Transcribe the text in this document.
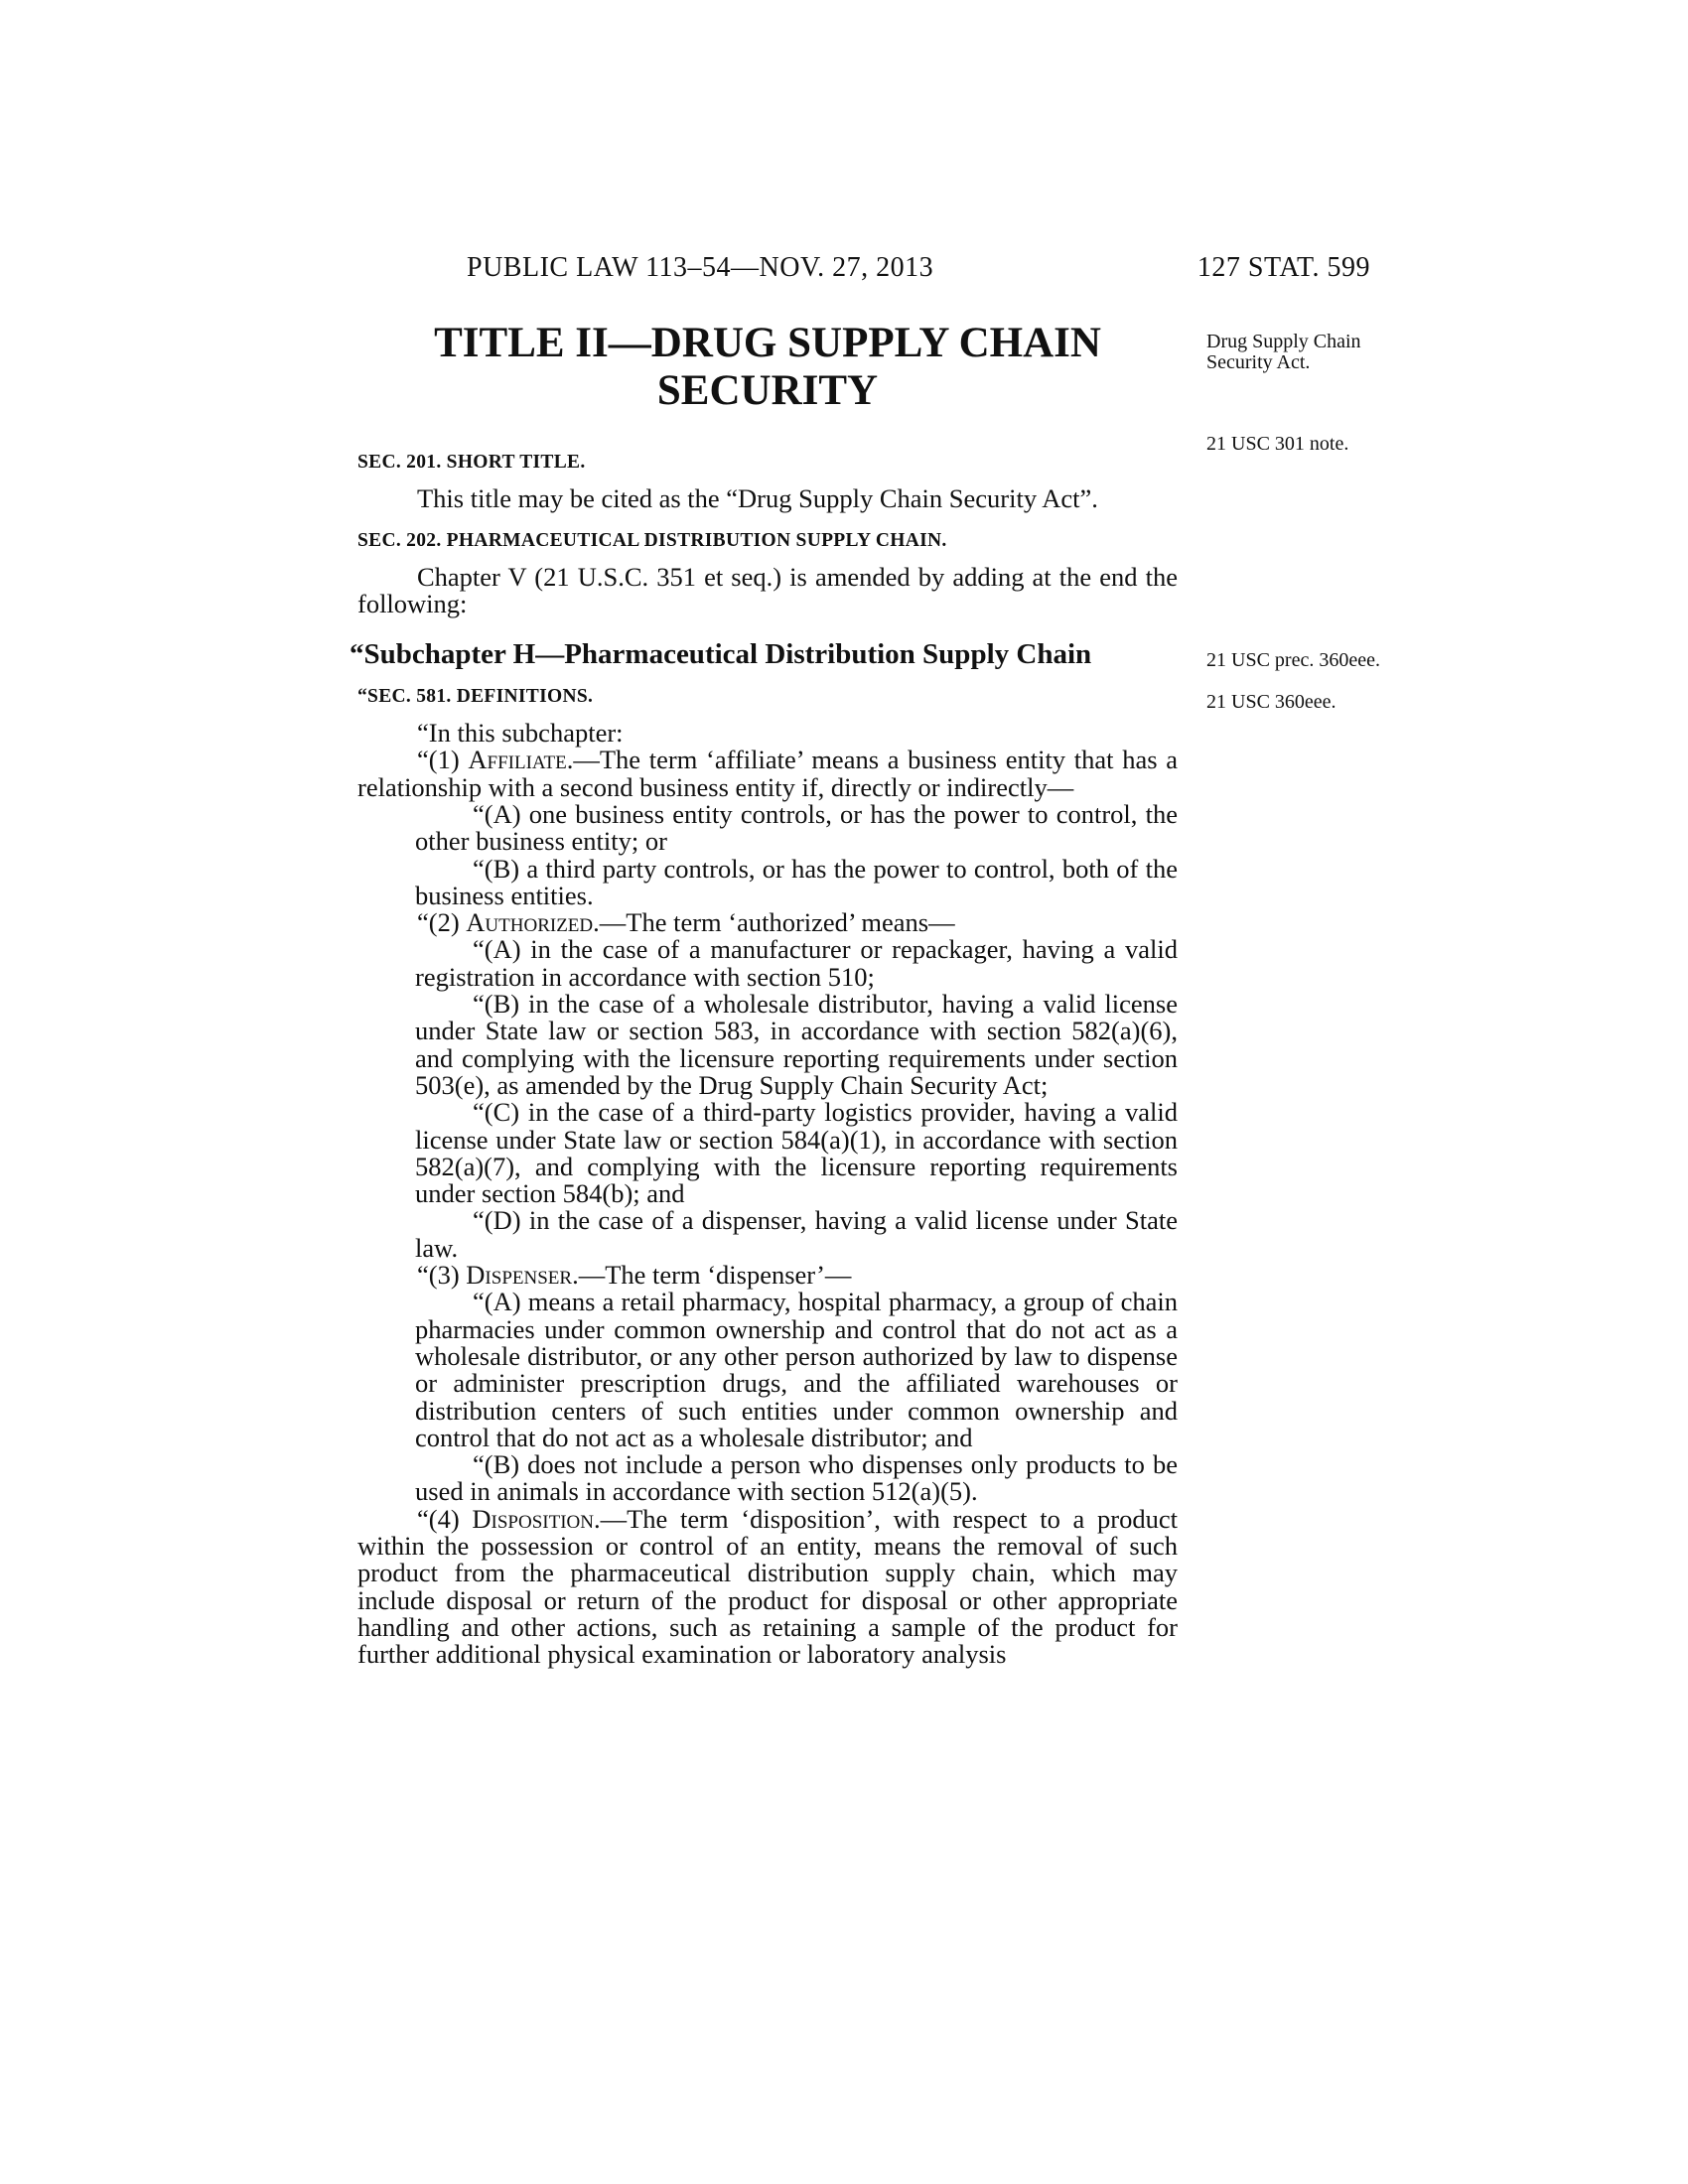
PUBLIC LAW 113–54—NOV. 27, 2013	127 STAT. 599
Drug Supply Chain Security Act.
21 USC 301 note.
21 USC prec. 360eee.
21 USC 360eee.
TITLE II—DRUG SUPPLY CHAIN
SECURITY

SEC. 201. SHORT TITLE.

This title may be cited as the “Drug Supply Chain Security Act”.

SEC. 202. PHARMACEUTICAL DISTRIBUTION SUPPLY CHAIN.

Chapter V (21 U.S.C. 351 et seq.) is amended by adding at the end the following:

“Subchapter H—Pharmaceutical Distribution Supply Chain

“SEC. 581. DEFINITIONS.

“In this subchapter:

“(1) Affiliate.—The term ‘affiliate’ means a business entity that has a relationship with a second business entity if, directly or indirectly—

“(A) one business entity controls, or has the power to control, the other business entity; or

“(B) a third party controls, or has the power to control, both of the business entities.

“(2) Authorized.—The term ‘authorized’ means—

“(A) in the case of a manufacturer or repackager, having a valid registration in accordance with section 510;

“(B) in the case of a wholesale distributor, having a valid license under State law or section 583, in accordance with section 582(a)(6), and complying with the licensure reporting requirements under section 503(e), as amended by the Drug Supply Chain Security Act;

“(C) in the case of a third-party logistics provider, having a valid license under State law or section 584(a)(1), in accordance with section 582(a)(7), and complying with the licensure reporting requirements under section 584(b); and

“(D) in the case of a dispenser, having a valid license under State law.

“(3) Dispenser.—The term ‘dispenser’—

“(A) means a retail pharmacy, hospital pharmacy, a group of chain pharmacies under common ownership and control that do not act as a wholesale distributor, or any other person authorized by law to dispense or administer prescription drugs, and the affiliated warehouses or distribution centers of such entities under common ownership and control that do not act as a wholesale distributor; and

“(B) does not include a person who dispenses only products to be used in animals in accordance with section 512(a)(5).

“(4) Disposition.—The term ‘disposition’, with respect to a product within the possession or control of an entity, means the removal of such product from the pharmaceutical distribution supply chain, which may include disposal or return of the product for disposal or other appropriate handling and other actions, such as retaining a sample of the product for further additional physical examination or laboratory analysis
